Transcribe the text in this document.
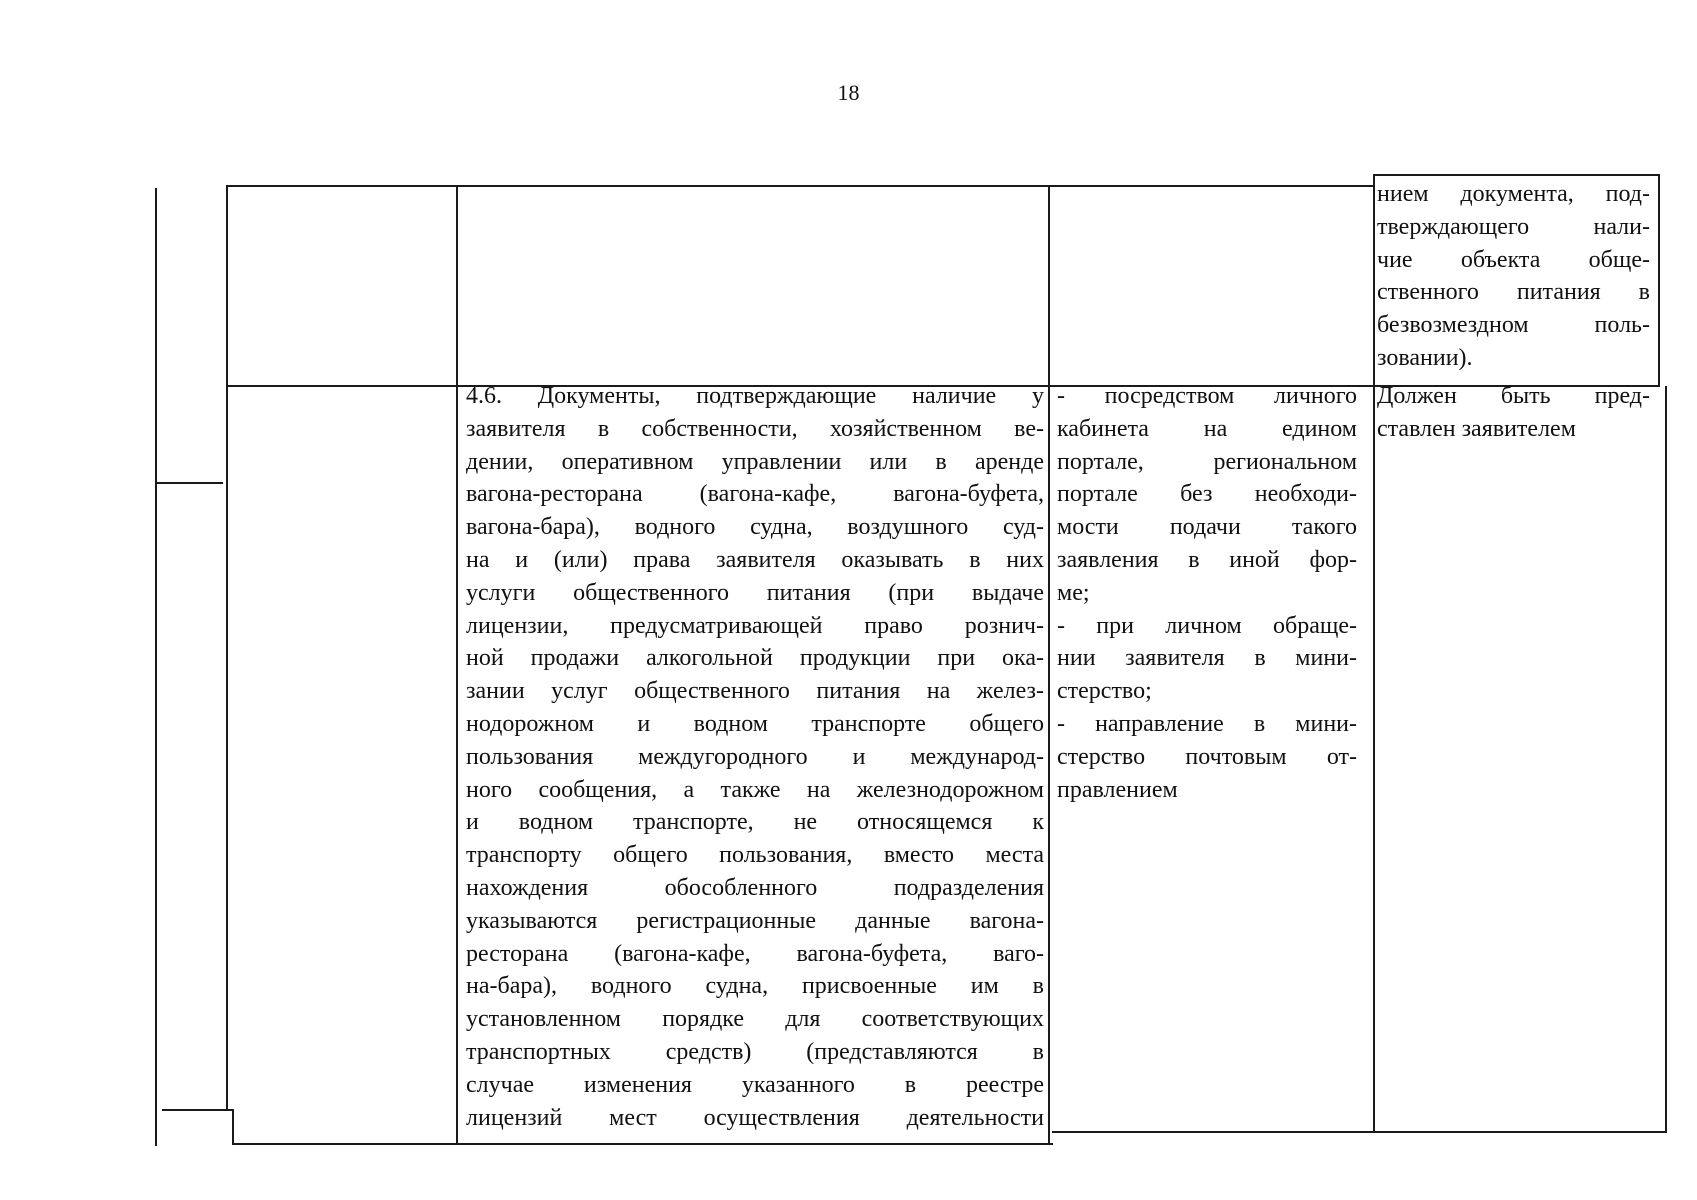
18
нием документа, под-
тверждающего нали-
чие объекта обще-
ственного питания в
безвозмездном поль-
зовании).
4.6. Документы, подтверждающие наличие у
заявителя в собственности, хозяйственном ве-
дении, оперативном управлении или в аренде
вагона-ресторана (вагона-кафе, вагона-буфета,
вагона-бара), водного судна, воздушного суд-
на и (или) права заявителя оказывать в них
услуги общественного питания (при выдаче
лицензии, предусматривающей право рознич-
ной продажи алкогольной продукции при ока-
зании услуг общественного питания на желез-
нодорожном и водном транспорте общего
пользования междугородного и международ-
ного сообщения, а также на железнодорожном
и водном транспорте, не относящемся к
транспорту общего пользования, вместо места
нахождения обособленного подразделения
указываются регистрационные данные вагона-
ресторана (вагона-кафе, вагона-буфета, ваго-
на-бара), водного судна, присвоенные им в
установленном порядке для соответствующих
транспортных средств) (представляются в
случае изменения указанного в реестре
лицензий мест осуществления деятельности
- посредством личного
кабинета на едином
портале, региональном
портале без необходи-
мости подачи такого
заявления в иной фор-
ме;
- при личном обраще-
нии заявителя в мини-
стерство;
- направление в мини-
стерство почтовым от-
правлением
Должен быть пред-
ставлен заявителем
